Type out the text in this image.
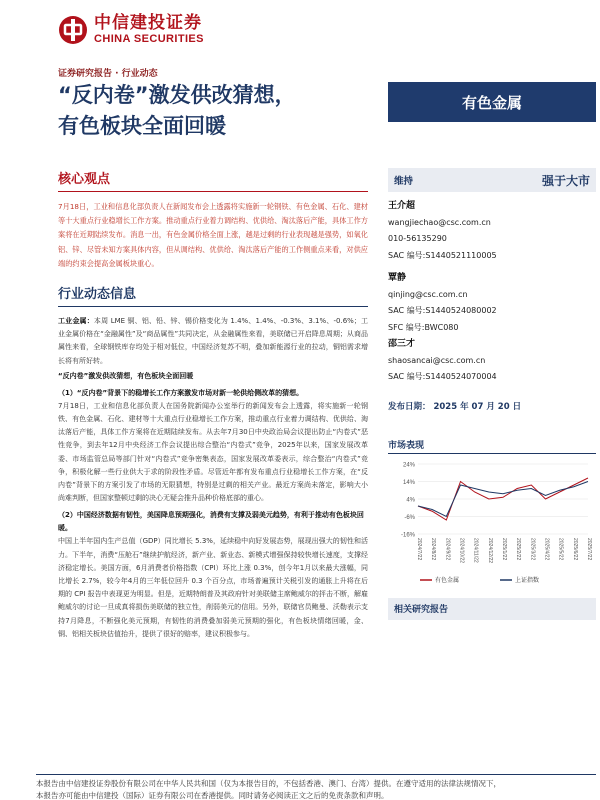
中信建投证券
CHINA SECURITIES
证券研究报告 · 行业动态
“反内卷”激发供改猜想，
有色板块全面回暖
有色金属
核心观点
7月18日，工业和信息化部负责人在新闻发布会上透露将实施新一轮钢铁、有色金属、石化、建材等十大重点行业稳增长工作方案。推动重点行业着力调结构、优供给、淘汰落后产能，具体工作方案将在近期陆续发布。消息一出，有色金属价格全面上涨，越是过剩的行业表现越是强势，如氧化铝、锌、尽管未知方案具体内容，但从调结构、优供给、淘汰落后产能的工作侧重点来看，对供应端的约束会提高金属板块重心。
行业动态信息
工业金属：本周 LME 铜、铝、铅、锌、锡价格变化为 1.4%、1.4%、-0.3%、3.1%、-0.6%；工业金属价格在“金融属性”及“商品属性”共同决定，从金融属性来看，美联储已开启降息周期；从商品属性来看，全球钢铁库存均处于相对低位，中国经济复苏不明，叠加新能源行业的拉动，铜铝需求增长将有所好转。
“反内卷”激发供改猜想，有色板块全面回暖
（1）“反内卷”背景下的稳增长工作方案激发市场对新一轮供给侧改革的猜想。
7月18日，工业和信息化部负责人在国务院新闻办公室举行的新闻发布会上透露，将实施新一轮钢铁、有色金属、石化、建材等十大重点行业稳增长工作方案，推动重点行业着力调结构、优供给、淘汰落后产能，具体工作方案将在近期陆续发布。从去年7月30日中央政治局会议提出防止“内卷式”恶性竞争，到去年12月中央经济工作会议提出综合整治“内卷式”竞争，2025年以来，国家发展改革委、市场监管总局等部门针对“内卷式”竞争密集表态，国家发展改革委表示，综合整治“内卷式”竞争，积极化解一些行业供大于求的阶段性矛盾。尽管近年都有发布重点行业稳增长工作方案，在“反内卷”背景下的方案引发了市场的无限猜想，特别是过剩的相关产业。最近方案尚未落定，影响大小尚难判断，但国家整顿过剩的决心无疑会推升品种价格底部的重心。
（2）中国经济数据有韧性，美国降息预期强化，消费有支撑及弱美元趋势，有利于推动有色板块回暖。
中国上半年国内生产总值（GDP）同比增长 5.3%，延续稳中向好发展态势，展现出强大的韧性和活力。下半年，消费“压舱石”继续护航经济，新产业、新业态、新模式增强保持较快增长速度，支撑经济稳定增长。美国方面，6月消费者价格指数（CPI）环比上涨 0.3%，创今年1月以来最大涨幅，同比增长 2.7%，较今年4月的三年低位回升 0.3 个百分点，市场普遍预计关税引发的通胀上升将在后期的 CPI 报告中表现更为明显。但是，近期特朗普及其政府针对美联储主席鲍威尔的抨击不断，解雇鲍威尔的讨论一旦成真将损伤美联储的独立性，削弱美元的信用。另外，联储官员鲍曼、沃勒表示支持7月降息，不断强化美元预期，有韧性的消费叠加弱美元预期的强化，有色板块情绪回暖，金、铜、铝相关板块估值抬升，提供了很好的赔率，建议积极参与。
维持	强于大市
王介超
wangjiechao@csc.com.cn
010-56135290
SAC 编号:S1440521110005
覃静
qinjing@csc.com.cn
SAC 编号:S1440524080002
SFC 编号:BWC080
邵三才
shaosancai@csc.com.cn
SAC 编号:S1440524070004
发布日期： 2025 年 07 月 20 日
市场表现
24%
14%
4%
-6%
-16%
2024/7/22 2024/8/22 2024/9/22 2024/10/22 2024/11/22 2024/12/22 2025/1/22 2025/2/22 2025/3/22 2025/4/22 2025/5/22 2025/6/22 2025/7/22
有色金属	上证指数
相关研究报告
本报告由中信建投证券股份有限公司在中华人民共和国（仅为本报告目的，不包括香港、澳门、台湾）提供。在遵守适用的法律法规情况下，
本报告亦可能由中信建投（国际）证券有限公司在香港提供。同时请务必阅读正文之后的免责条款和声明。
